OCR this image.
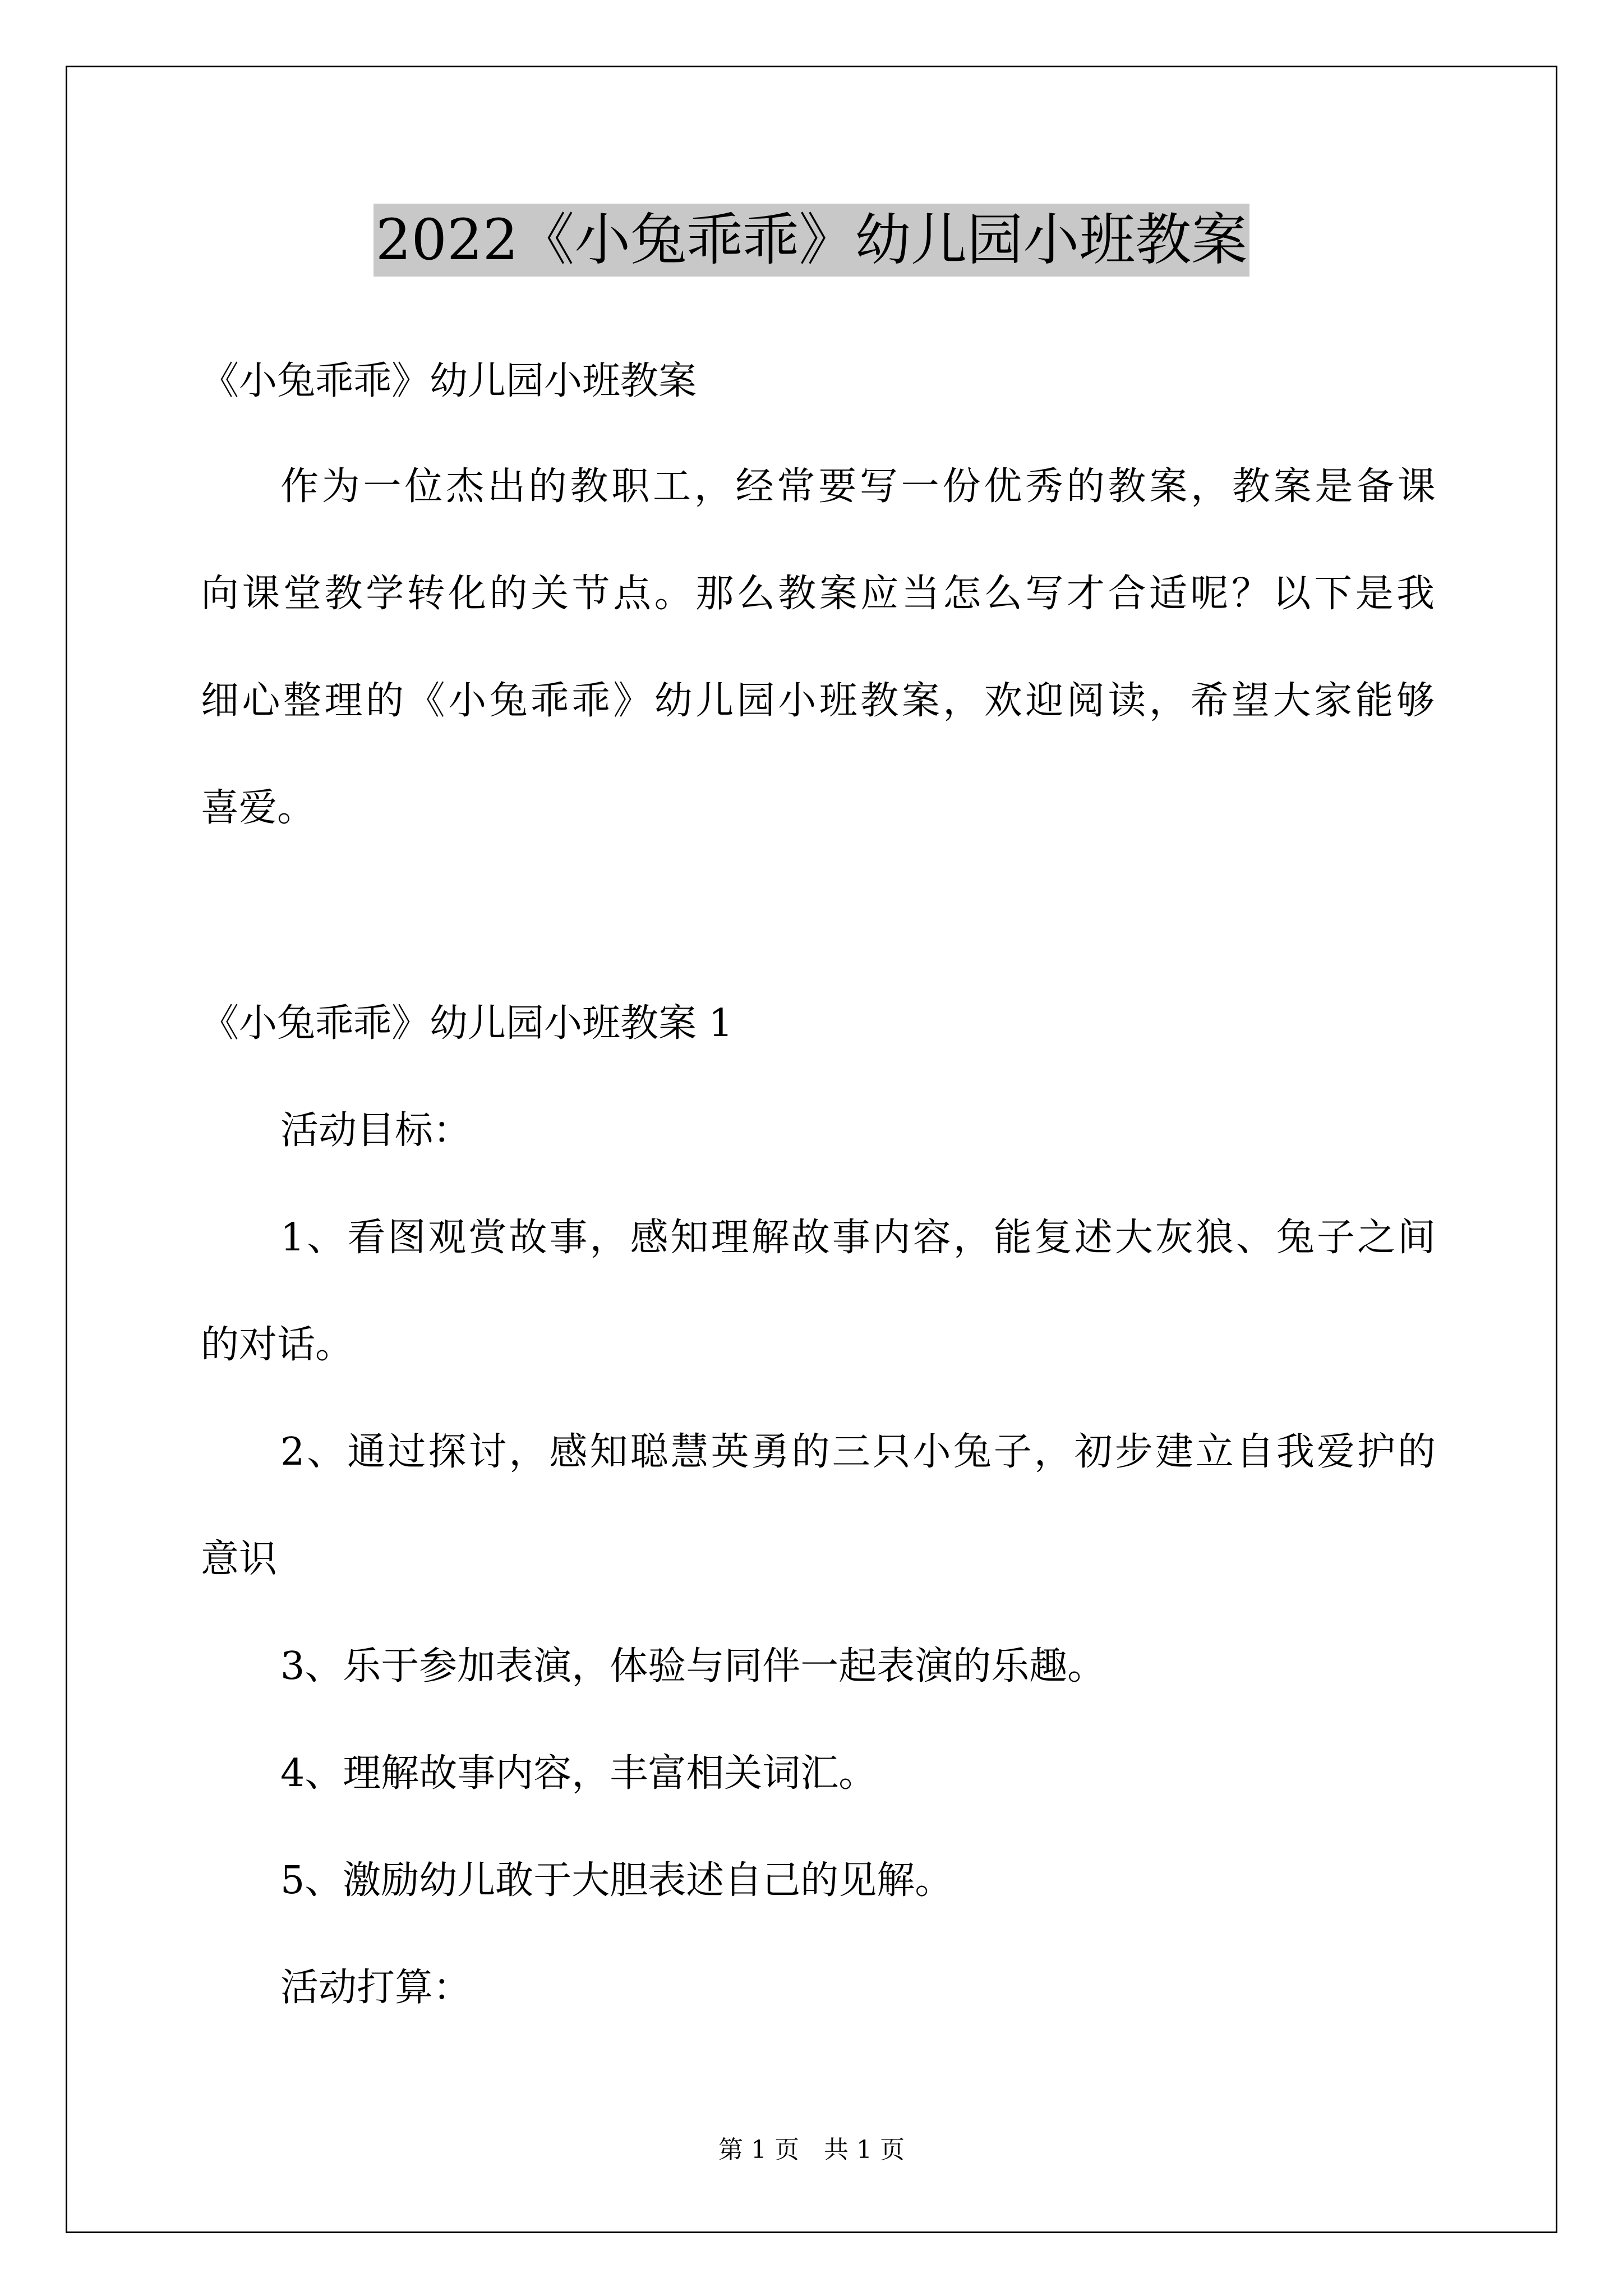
2022《小兔乖乖》幼儿园小班教案
《小兔乖乖》幼儿园小班教案
作为一位杰出的教职工，经常要写一份优秀的教案，教案是备课
向课堂教学转化的关节点。那么教案应当怎么写才合适呢？以下是我
细心整理的《小兔乖乖》幼儿园小班教案，欢迎阅读，希望大家能够
喜爱。
《小兔乖乖》幼儿园小班教案 1
活动目标：
1、看图观赏故事，感知理解故事内容，能复述大灰狼、兔子之间
的对话。
2、通过探讨，感知聪慧英勇的三只小兔子，初步建立自我爱护的
意识
3、乐于参加表演，体验与同伴一起表演的乐趣。
4、理解故事内容，丰富相关词汇。
5、激励幼儿敢于大胆表述自己的见解。
活动打算：
第 1 页　共 1 页
